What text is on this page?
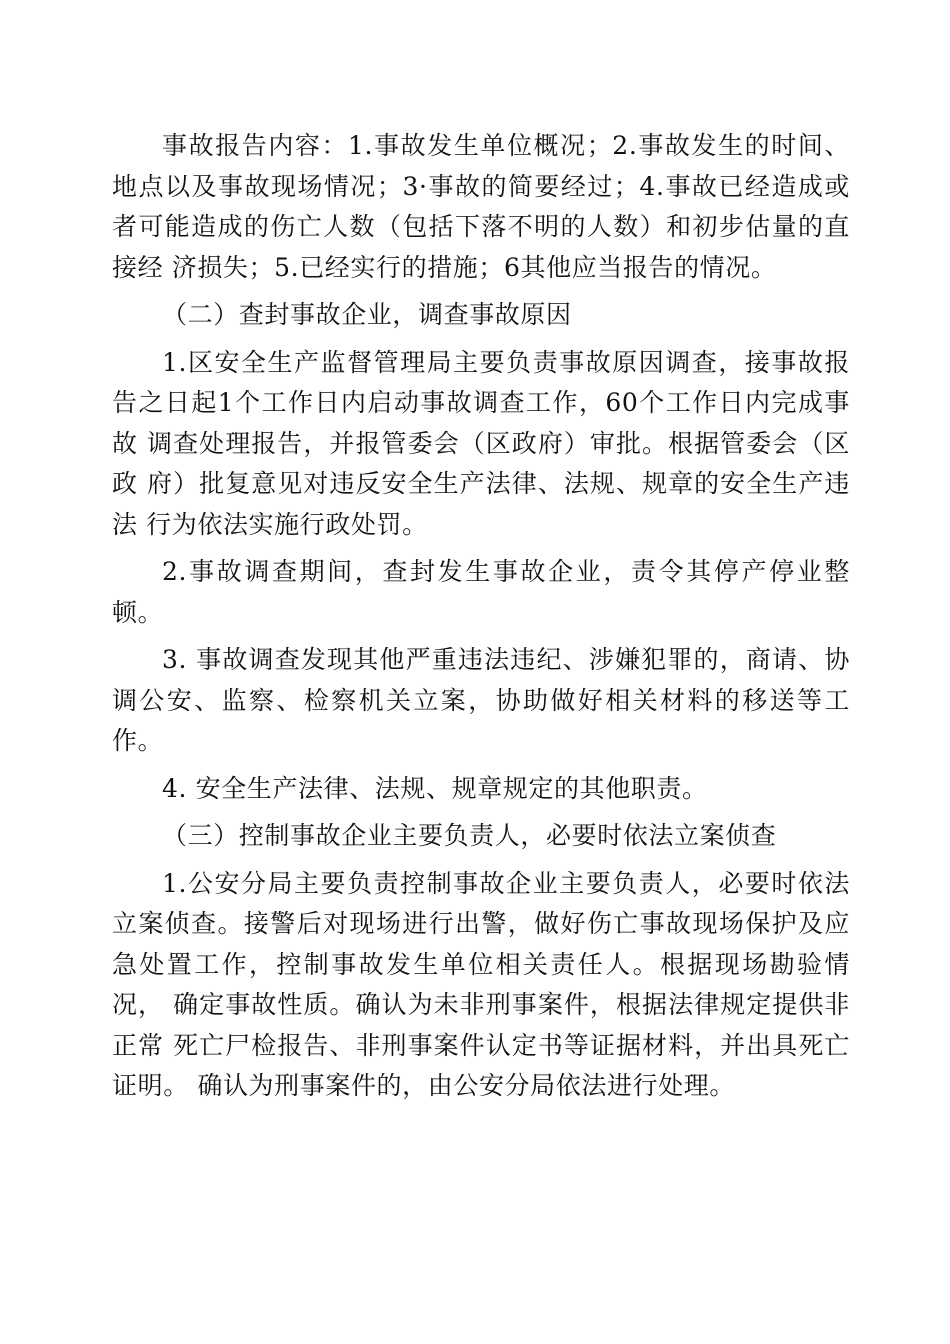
事故报告内容：1.事故发生单位概况；2.事故发生的时间、地点以及事故现场情况；3·事故的简要经过；4.事故已经造成或者可能造成的伤亡人数（包括下落不明的人数）和初步估量的直接经 济损失；5.已经实行的措施；6其他应当报告的情况。

（二）查封事故企业，调查事故原因

1.区安全生产监督管理局主要负责事故原因调查，接事故报告之日起1个工作日内启动事故调查工作，60个工作日内完成事故 调查处理报告，并报管委会（区政府）审批。根据管委会（区政 府）批复意见对违反安全生产法律、法规、规章的安全生产违法 行为依法实施行政处罚。

2.事故调查期间，查封发生事故企业，责令其停产停业整顿。

3. 事故调查发现其他严重违法违纪、涉嫌犯罪的，商请、协调公安、监察、检察机关立案，协助做好相关材料的移送等工作。

4. 安全生产法律、法规、规章规定的其他职责。

（三）控制事故企业主要负责人，必要时依法立案侦查

1.公安分局主要负责控制事故企业主要负责人，必要时依法 立案侦查。接警后对现场进行出警，做好伤亡事故现场保护及应 急处置工作，控制事故发生单位相关责任人。根据现场勘验情况， 确定事故性质。确认为未非刑事案件，根据法律规定提供非正常 死亡尸检报告、非刑事案件认定书等证据材料，并出具死亡证明。 确认为刑事案件的，由公安分局依法进行处理。
